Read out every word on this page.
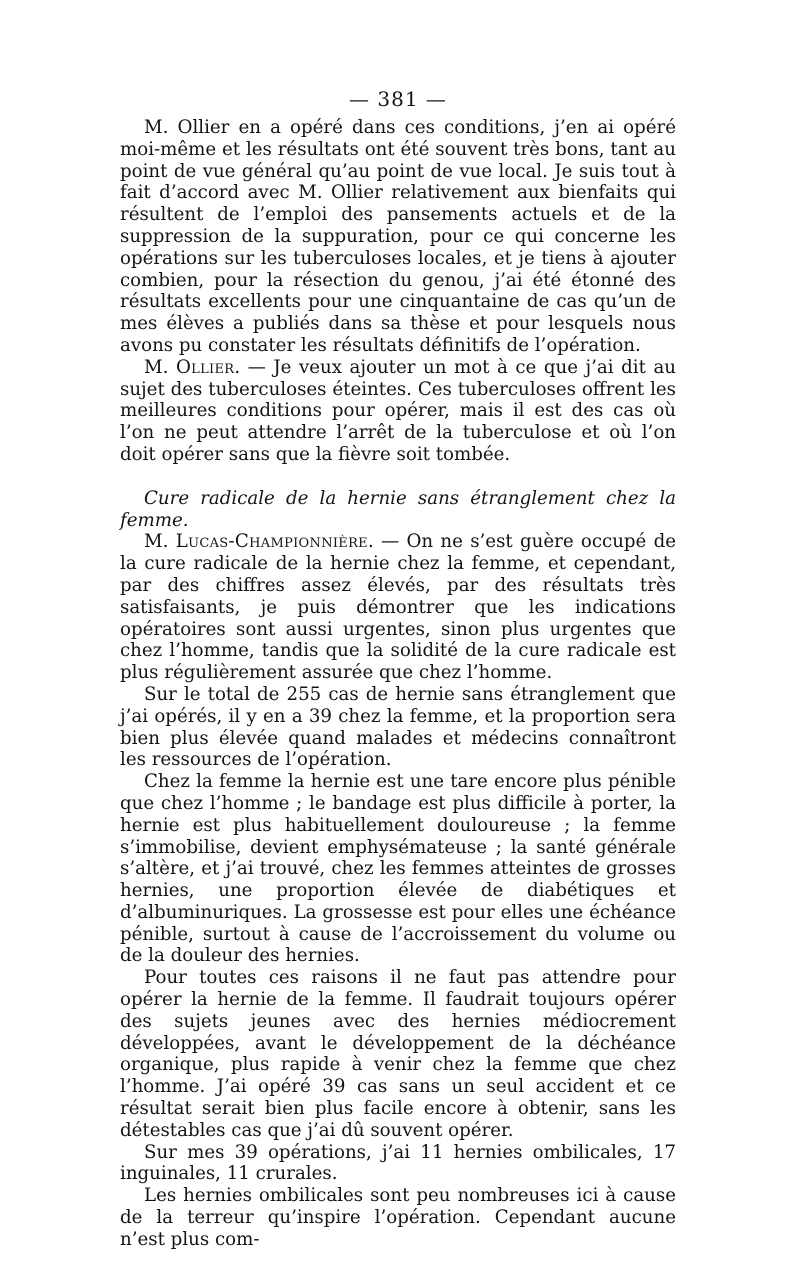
— 381 —

M. Ollier en a opéré dans ces conditions, j’en ai opéré moi-même et les résultats ont été souvent très bons, tant au point de vue général qu’au point de vue local. Je suis tout à fait d’accord avec M. Ollier relativement aux bienfaits qui résultent de l’emploi des pansements actuels et de la suppression de la suppuration, pour ce qui concerne les opérations sur les tuberculoses locales, et je tiens à ajouter combien, pour la résection du genou, j’ai été étonné des résultats excellents pour une cinquantaine de cas qu’un de mes élèves a publiés dans sa thèse et pour lesquels nous avons pu constater les résultats définitifs de l’opération.

M. Ollier. — Je veux ajouter un mot à ce que j’ai dit au sujet des tuberculoses éteintes. Ces tuberculoses offrent les meilleures conditions pour opérer, mais il est des cas où l’on ne peut attendre l’arrêt de la tuberculose et où l’on doit opérer sans que la fièvre soit tombée.

Cure radicale de la hernie sans étranglement chez la femme.

M. Lucas-Championnière. — On ne s’est guère occupé de la cure radicale de la hernie chez la femme, et cependant, par des chiffres assez élevés, par des résultats très satisfaisants, je puis démontrer que les indications opératoires sont aussi urgentes, sinon plus urgentes que chez l’homme, tandis que la solidité de la cure radicale est plus régulièrement assurée que chez l’homme.

Sur le total de 255 cas de hernie sans étranglement que j’ai opérés, il y en a 39 chez la femme, et la proportion sera bien plus élevée quand malades et médecins connaîtront les ressources de l’opération.

Chez la femme la hernie est une tare encore plus pénible que chez l’homme ; le bandage est plus difficile à porter, la hernie est plus habituellement douloureuse ; la femme s’immobilise, devient emphysémateuse ; la santé générale s’altère, et j’ai trouvé, chez les femmes atteintes de grosses hernies, une proportion élevée de diabétiques et d’albuminuriques. La grossesse est pour elles une échéance pénible, surtout à cause de l’accroissement du volume ou de la douleur des hernies.

Pour toutes ces raisons il ne faut pas attendre pour opérer la hernie de la femme. Il faudrait toujours opérer des sujets jeunes avec des hernies médiocrement développées, avant le développement de la déchéance organique, plus rapide à venir chez la femme que chez l’homme. J’ai opéré 39 cas sans un seul accident et ce résultat serait bien plus facile encore à obtenir, sans les détestables cas que j’ai dû souvent opérer.

Sur mes 39 opérations, j’ai 11 hernies ombilicales, 17 inguinales, 11 crurales.

Les hernies ombilicales sont peu nombreuses ici à cause de la terreur qu’inspire l’opération. Cependant aucune n’est plus com-
